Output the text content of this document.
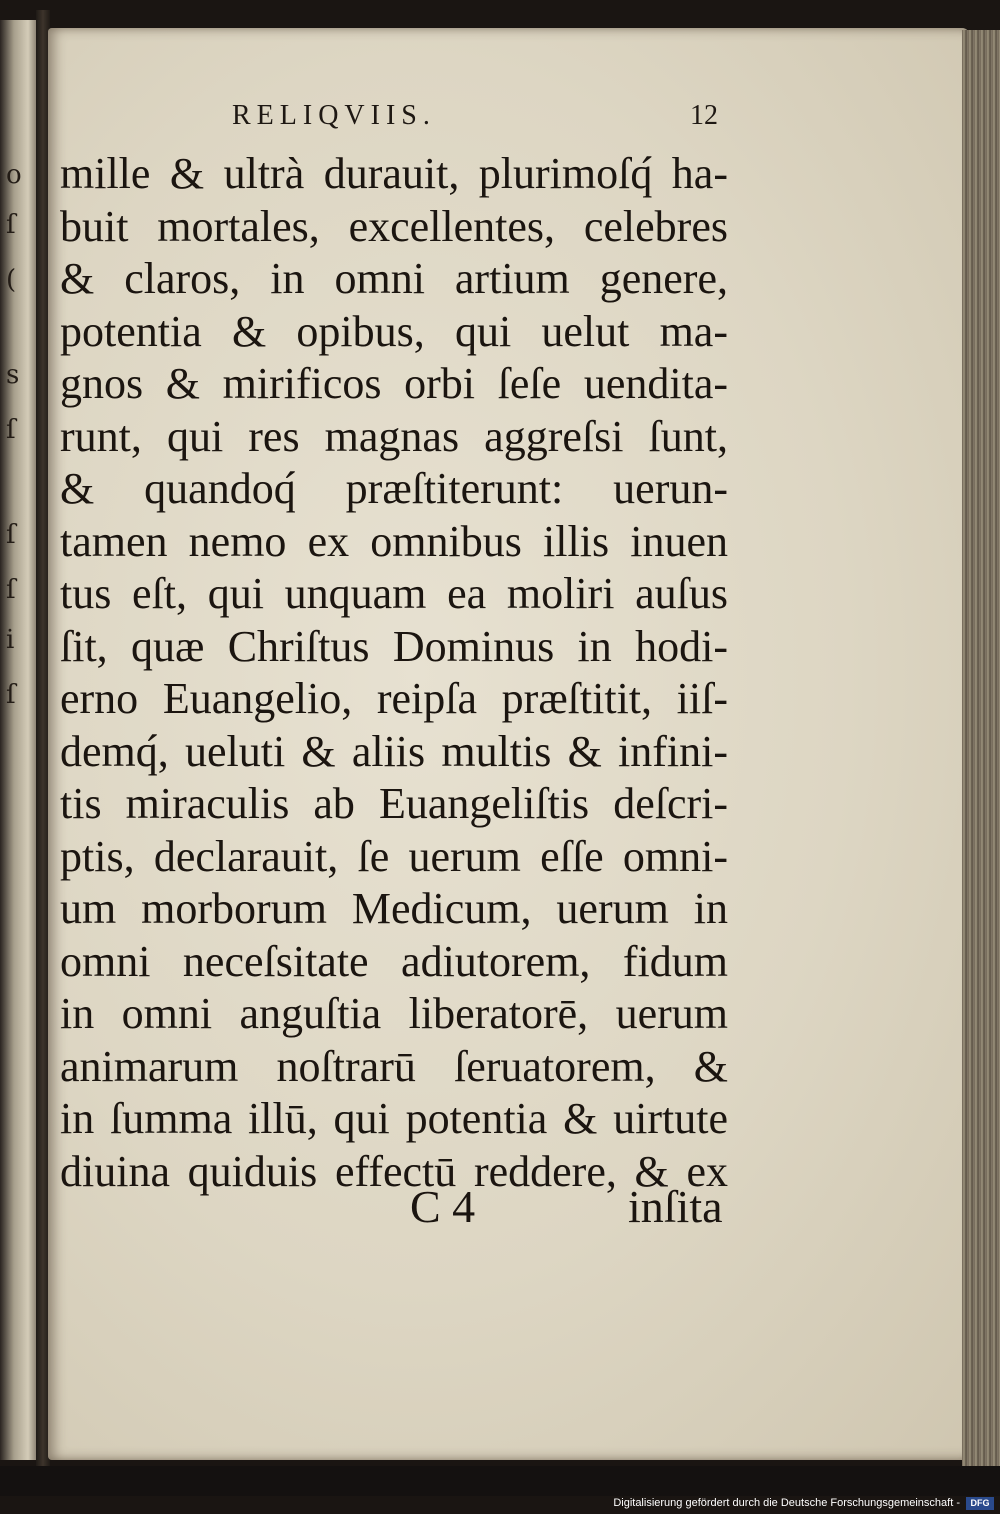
o
ſ
(
s
ſ
ſ
ſ
i
ſ
RELIQVIIS.	12
mille & ultrà durauit, plurimoſq́ ha-
buit mortales, excellentes, celebres
& claros, in omni artium genere,
potentia & opibus, qui uelut ma-
gnos & mirificos orbi ſeſe uendita-
runt, qui res magnas aggreſsi ſunt,
& quandoq́ præſtiterunt: uerun-
tamen nemo ex omnibus illis inuen
tus eſt, qui unquam ea moliri auſus
ſit, quæ Chriſtus Dominus in hodi-
erno Euangelio, reipſa præſtitit, iiſ-
demq́, ueluti & aliis multis & infini-
tis miraculis ab Euangeliſtis deſcri-
ptis, declarauit, ſe uerum eſſe omni-
um morborum Medicum, uerum in
omni neceſsitate adiutorem, fidum
in omni anguſtia liberatorē, uerum
animarum noſtrarū ſeruatorem, &
in ſumma illū, qui potentia & uirtute
diuina quiduis effectū reddere, & ex
C 4	inſita
Digitalisierung gefördert durch die Deutsche Forschungsgemeinschaft -	DFG
